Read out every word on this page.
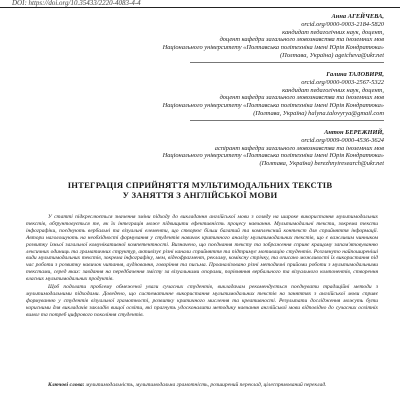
DOI: https://doi.org/10.35433/2220-4083-4-4
Анна АГЕЙЧЕВА,
orcid.org/0000-0003-2184-5820
кандидат педагогічних наук, доцент,
доцент кафедри загального мовознавства та іноземних мов
Національного університету «Полтавська політехніка імені Юрія Кондратюка»
(Полтава, Україна) ageicheva@ukr.net
Галина ТАЛОВИРЯ,
orcid.org/0000-0003-2567-5322
кандидат педагогічних наук, доцент,
доцент кафедри загального мовознавства та іноземних мов
Національного університету «Полтавська політехніка імені Юрія Кондратюка»
(Полтава, Україна) halyna.talovyrya@gmail.com
Антон БЕРЕЖНИЙ,
orcid.org/0009-0000-4536-3624
аспірант кафедри загального мовознавства та іноземних мов
Національного університету «Полтавська політехніка імені Юрія Кондратюка»
(Полтава, Україна) berezhnyiresearch@ukr.net
ІНТЕГРАЦІЯ СПРИЙНЯТТЯ МУЛЬТИМОДАЛЬНИХ ТЕКСТІВ
У ЗАНЯТТЯ З АНГЛІЙСЬКОЇ МОВИ

У статті підкреслюється значення зміни підходу до викладання англійської мови з огляду на широке використання мультимодальних текстів, обґрунтовується те, як їх інтеграція може підвищити ефективність процесу навчання. Мультимодальні тексти, зокрема тексти інфографіки, поєднують вербальні та візуальні елементи, що створює більш багатий та комплексний контекст для сприйняття інформації. Автори наголошують на необхідності формування у студентів навичок критичного аналізу мультимодальних текстів, що є важливим чинником розвитку їхньої загальної комунікативної компетентності. Визначено, що поєднання тексту та зображення сприяє кращому запам'ятовуванню лексичних одиниць та граматичних структур, активізує різні канали сприйняття та підтримує мотивацію студентів. Розглянуто найпоширеніші види мультимодальних текстів, зокрема інфографіку, мем, відеофрагмент, рекламу, коміксну стрічку, та описано можливості їх використання під час роботи з розвитку навичок читання, аудіювання, говоріння та письма. Проаналізовано різні методичні прийоми роботи з мультимодальними текстами, серед яких: завдання на передбачення змісту за візуальними опорами, порівняння вербального та візуального компонентів, створення власних мультимодальних продуктів.

Щоб подолати проблему обмеженої уваги сучасних студентів, викладачам рекомендується поєднувати традиційні методи з мультимодальними підходами. Доведено, що систематичне використання мультимодальних текстів на заняттях з англійської мови сприяє формуванню у студентів візуальної грамотності, розвитку критичного мислення та креативності. Результати дослідження можуть бути корисними для викладачів закладів вищої освіти, які прагнуть удосконалити методику навчання англійської мови відповідно до сучасних освітніх вимог та потреб цифрового покоління студентів.

Ключові слова: мультимодальність, мультимодальна грамотність, розширений переклад, цілеспрямований переклад.
